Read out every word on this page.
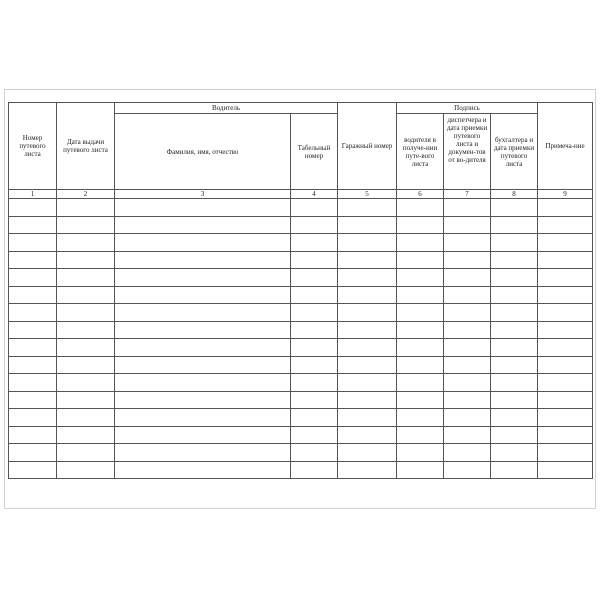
Номер путевого листа	Дата выдачи путевого листа	Водитель		Гаражный номер	Подпись			Примеча-ние

		Фамилия, имя, отчество	Табельный номер		водителя в получе-нии путе-вого листа	диспетчера и дата приемки путевого листа и докумен-тов от во-дителя	бухгалтера и дата приемки путевого листа	

1	2	3	4	5	6	7	8	9
